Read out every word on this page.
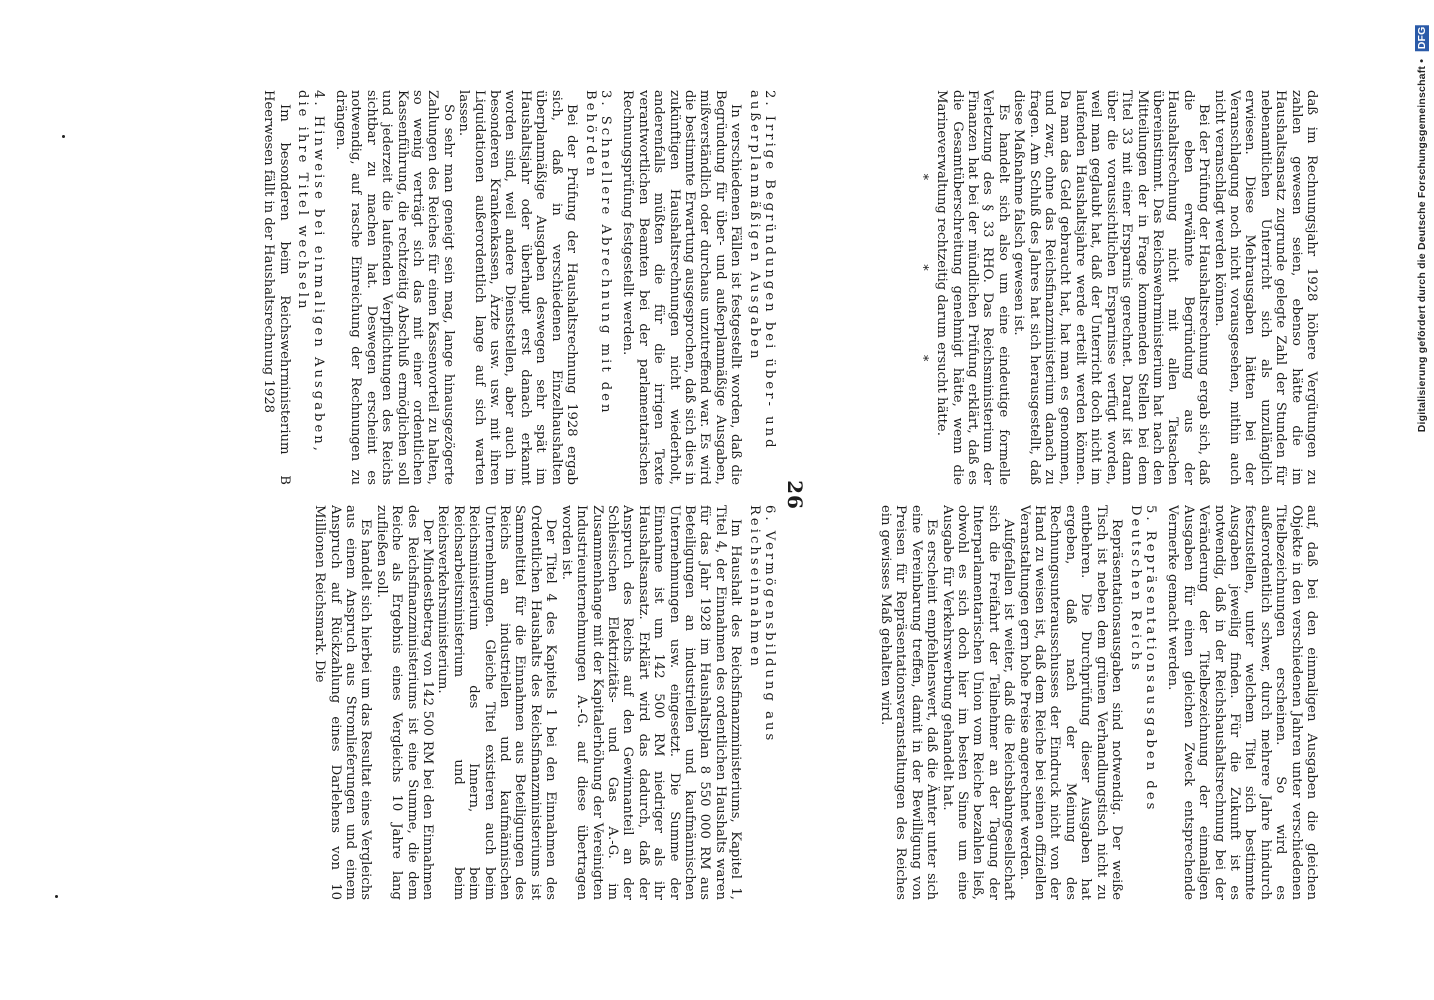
26

daß im Rechnungsjahr 1928 höhere Vergütungen zu zahlen gewesen seien, ebenso hätte die im Haushaltsansatz zugrunde gelegte Zahl der Stunden für nebenamtlichen Unterricht sich als unzulänglich erwiesen. Diese Mehrausgaben hätten bei der Veranschlagung noch nicht vorausgesehen, mithin auch nicht veranschlagt werden können.

Bei der Prüfung der Haushaltsrechnung ergab sich, daß die eben erwähnte Begründung aus der Haushaltsrechnung nicht mit allen Tatsachen übereinstimmt. Das Reichswehrministerium hat nach den Mitteilungen der in Frage kommenden Stellen bei dem Titel 33 mit einer Ersparnis gerechnet. Darauf ist dann über die voraussichtlichen Ersparnisse verfügt worden, weil man geglaubt hat, daß der Unterricht doch nicht im laufenden Haushaltsjahre werde erteilt werden können. Da man das Geld gebraucht hat, hat man es genommen, und zwar, ohne das Reichsfinanzministerium danach zu fragen. Am Schluß des Jahres hat sich herausgestellt, daß diese Maßnahme falsch gewesen ist.

Es handelt sich also um eine eindeutige formelle Verletzung des § 33 RHO. Das Reichsministerium der Finanzen hat bei der mündlichen Prüfung erklärt, daß es die Gesamtüberschreitung genehmigt hätte, wenn die Marineverwaltung rechtzeitig darum ersucht hätte.

* * *
2. Irrige Begründungen bei über- und außerplanmäßigen Ausgaben

In verschiedenen Fällen ist festgestellt worden, daß die Begründung für über- und außerplanmäßige Ausgaben, mißverständlich oder durchaus unzutreffend war. Es wird die bestimmte Erwartung ausgesprochen, daß sich dies in zukünftigen Haushaltsrechnungen nicht wiederholt, anderenfalls müßten die für die irrigen Texte verantwortlichen Beamten bei der parlamentarischen Rechnungsprüfung festgestellt werden.

3. Schnellere Abrechnung mit den Behörden

Bei der Prüfung der Haushaltsrechnung 1928 ergab sich, daß in verschiedenen Einzelhaushalten überplanmäßige Ausgaben deswegen sehr spät im Haushaltsjahr oder überhaupt erst danach erkannt worden sind, weil andere Dienststellen, aber auch im besonderen Krankenkassen, Ärzte usw. usw. mit ihren Liquidationen außerordentlich lange auf sich warten lassen.

So sehr man geneigt sein mag, lange hinausgezögerte Zahlungen des Reiches für einen Kassenvorteil zu halten, so wenig verträgt sich das mit einer ordentlichen Kassenführung, die rechtzeitig Abschluß ermöglichen soll und jederzeit die laufenden Verpflichtungen des Reichs sichtbar zu machen hat. Deswegen erscheint es notwendig, auf rasche Einreichung der Rechnungen zu drängen.

4. Hinweise bei einmaligen Ausgaben, die ihre Titel wechseln

Im besonderen beim Reichswehrministerium B Heerwesen fällt in der Haushaltsrechnung 1928

auf, daß bei den einmaligen Ausgaben die gleichen Objekte in den verschiedenen Jahren unter verschiedenen Titelbezeichnungen erscheinen. So wird es außerordentlich schwer, durch mehrere Jahre hindurch festzustellen, unter welchem Titel sich bestimmte Ausgaben jeweilig finden. Für die Zukunft ist es notwendig, daß in der Reichshaushaltsrechnung bei der Veränderung der Titelbezeichnung der einmaligen Ausgaben für einen gleichen Zweck entsprechende Vermerke gemacht werden.

5. Repräsentationsausgaben des Deutschen Reichs

Repräsentationsausgaben sind notwendig. Der weiße Tisch ist neben dem grünen Verhandlungstisch nicht zu entbehren. Die Durchprüfung dieser Ausgaben hat ergeben, daß nach der Meinung des Rechnungsunterausschusses der Eindruck nicht von der Hand zu weisen ist, daß dem Reiche bei seinen offiziellen Veranstaltungen gern hohe Preise angerechnet werden.

Aufgefallen ist weiter, daß die Reichsbahngesellschaft sich die Freifahrt der Teilnehmer an der Tagung der Interparlamentarischen Union vom Reiche bezahlen ließ, obwohl es sich doch hier im besten Sinne um eine Ausgabe für Verkehrswerbung gehandelt hat.

Es erscheint empfehlenswert, daß die Ämter unter sich eine Vereinbarung treffen, damit in der Bewilligung von Preisen für Repräsentationsveranstaltungen des Reiches ein gewisses Maß gehalten wird.

6. Vermögensbildung aus Reichseinnahmen

Im Haushalt des Reichsfinanzministeriums, Kapitel 1, Titel 4, der Einnahmen des ordentlichen Haushalts waren für das Jahr 1928 im Haushaltsplan 8 550 000 RM aus Beteiligungen an industriellen und kaufmännischen Unternehmungen usw. eingesetzt. Die Summe der Einnahme ist um 142 500 RM niedriger als ihr Haushaltsansatz. Erklärt wird das dadurch, daß der Anspruch des Reichs auf den Gewinnanteil an der Schlesischen Elektrizitäts- und Gas A.-G. im Zusammenhange mit der Kapitalerhöhung der Vereinigten Industrieunternehmungen A.-G. auf diese übertragen worden ist.

Der Titel 4 des Kapitels 1 bei den Einnahmen des Ordentlichen Haushalts des Reichsfinanzministeriums ist Sammeltitel für die Einnahmen aus Beteiligungen des Reichs an industriellen und kaufmännischen Unternehmungen. Gleiche Titel existieren auch beim Reichsministerium des Innern, beim Reichsarbeitsministerium und beim Reichsverkehrsministerium.

Der Mindestbetrag von 142 500 RM bei den Einnahmen des Reichsfinanzministeriums ist eine Summe, die dem Reiche als Ergebnis eines Vergleichs 10 Jahre lang zufließen soll.

Es handelt sich hierbei um das Resultat eines Vergleichs aus einem Anspruch aus Stromlieferungen und einem Anspruch auf Rückzahlung eines Darlehens von 10 Millionen Reichsmark. Die

Digitalisierung gefördert durch die Deutsche Forschungsgemeinschaft • DFG
